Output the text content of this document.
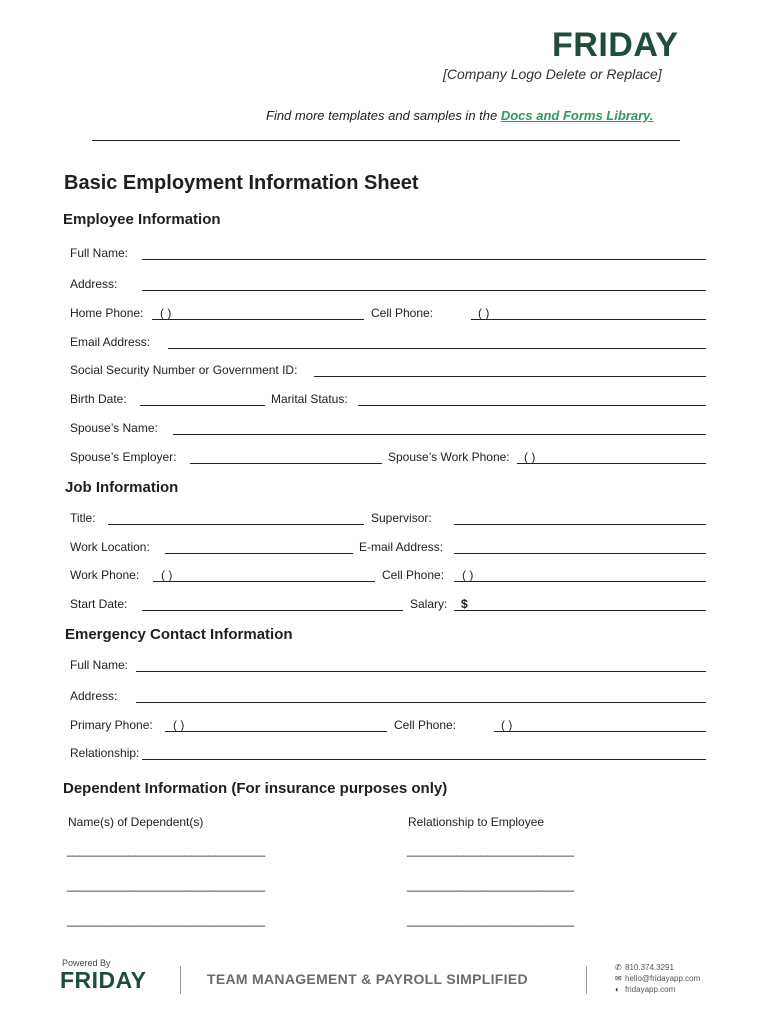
FRIDAY
[Company Logo Delete or Replace]
Find more templates and samples in the Docs and Forms Library.
Basic Employment Information Sheet
Employee Information
Full Name:
Address:
Home Phone: ( )	Cell Phone:	( )
Email Address:
Social Security Number or Government ID:
Birth Date:	Marital Status:
Spouse’s Name:
Spouse’s Employer:	Spouse’s Work Phone: ( )
Job Information
Title:	Supervisor:
Work Location:	E-mail Address:
Work Phone: ( )	Cell Phone: ( )
Start Date:	Salary: $
Emergency Contact Information
Full Name:
Address:
Primary Phone: ( )	Cell Phone:	( )
Relationship:
Dependent Information (For insurance purposes only)
Name(s) of Dependent(s)	Relationship to Employee
________________________________	___________________________
________________________________	___________________________
________________________________	___________________________
Powered By
FRIDAY	TEAM MANAGEMENT & PAYROLL SIMPLIFIED
✆ 810.374.3291
✉ hello@fridayapp.com
◐ fridayapp.com
